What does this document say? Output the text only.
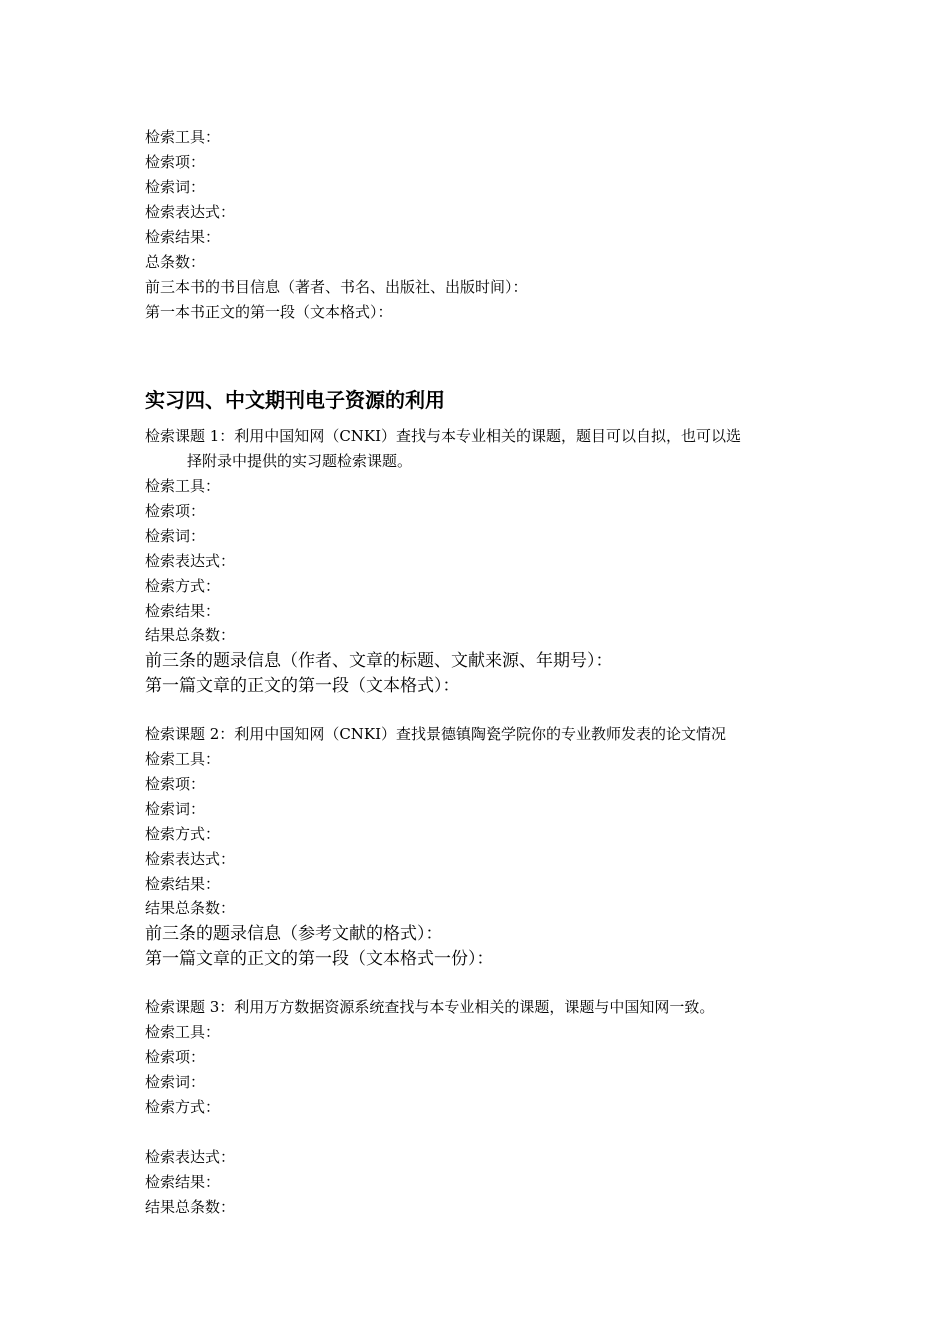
检索工具：
检索项：
检索词：
检索表达式：
检索结果：
总条数：
前三本书的书目信息（著者、书名、出版社、出版时间）：
第一本书正文的第一段（文本格式）：
实习四、中文期刊电子资源的利用
检索课题 1：利用中国知网（CNKI）查找与本专业相关的课题，题目可以自拟，也可以选
择附录中提供的实习题检索课题。
检索工具：
检索项：
检索词：
检索表达式：
检索方式：
检索结果：
结果总条数：
前三条的题录信息（作者、文章的标题、文献来源、年期号）：
第一篇文章的正文的第一段（文本格式）：
检索课题 2：利用中国知网（CNKI）查找景德镇陶瓷学院你的专业教师发表的论文情况
检索工具：
检索项：
检索词：
检索方式：
检索表达式：
检索结果：
结果总条数：
前三条的题录信息（参考文献的格式）：
第一篇文章的正文的第一段（文本格式一份）：
检索课题 3：利用万方数据资源系统查找与本专业相关的课题，课题与中国知网一致。
检索工具：
检索项：
检索词：
检索方式：
检索表达式：
检索结果：
结果总条数：
